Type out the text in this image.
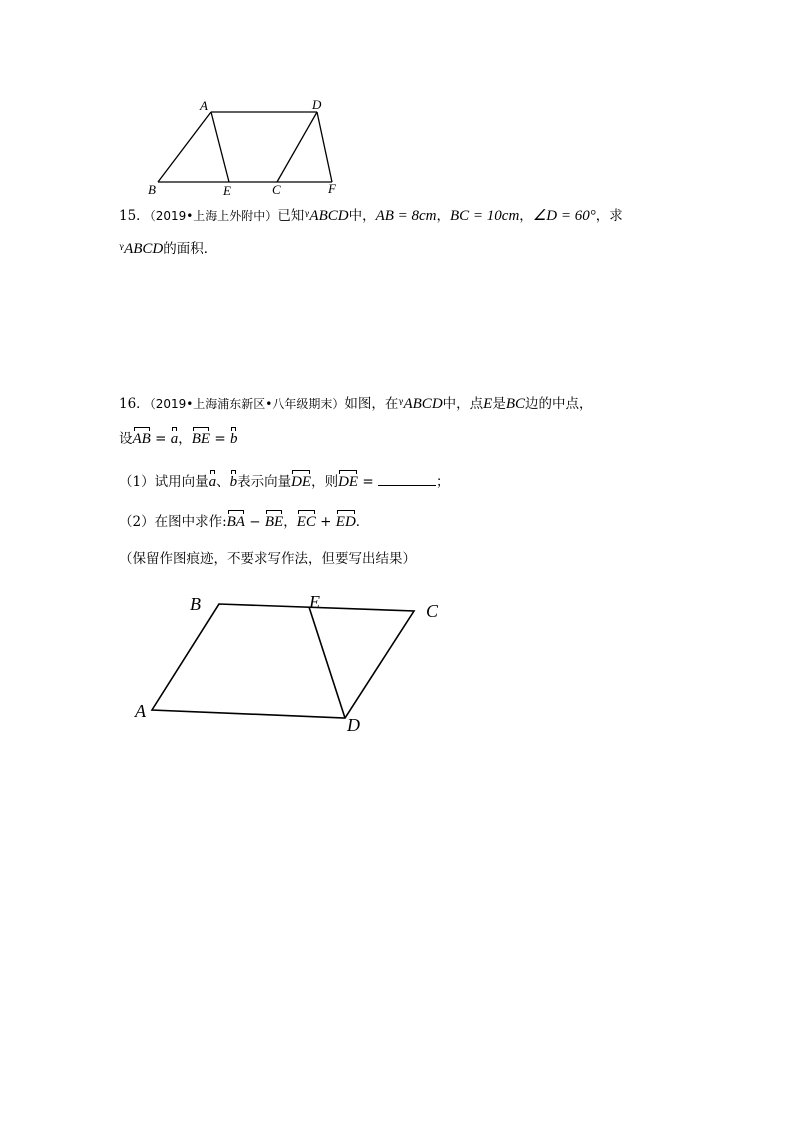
A	D
B	E	C	F
15．（2019•上海上外附中）已知ᵞABCD中，AB = 8cm，BC = 10cm，∠D = 60°，求
ᵞABCD的面积．
16．（2019•上海浦东新区•八年级期末）如图，在ᵞABCD中，点E是BC边的中点，
设AB = a，BE = b
（1）试用向量a、b表示向量DE，则DE =	；
（2）在图中求作:BA − BE，EC + ED．
（保留作图痕迹，不要求写作法，但要写出结果）
B	E	C
A
D
